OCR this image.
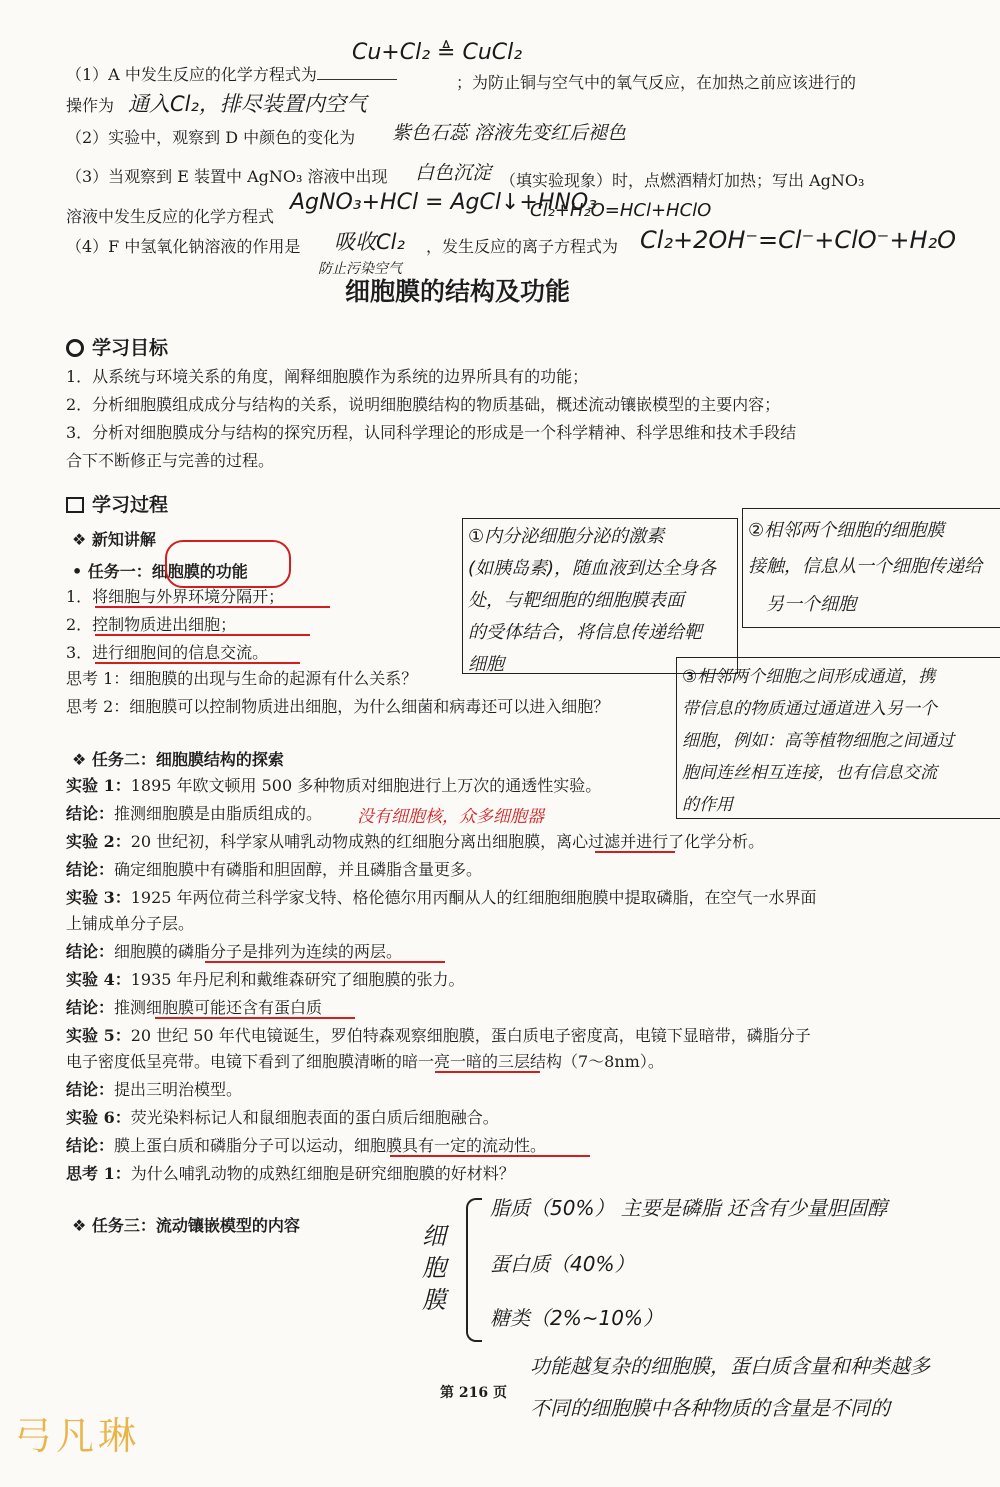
（1）A 中发生反应的化学方程式为	；为防止铜与空气中的氧气反应，在加热之前应该进行的
操作为
Cu+Cl₂ ≜ CuCl₂
通入Cl₂，排尽装置内空气
（2）实验中，观察到 D 中颜色的变化为 紫色石蕊 溶液先变红后褪色
（3）当观察到 E 装置中 AgNO₃ 溶液中出现 白色沉淀 （填实验现象）时，点燃酒精灯加热；写出 AgNO₃
溶液中发生反应的化学方程式
AgNO₃+HCl = AgCl↓+HNO₃
Cl₂+H₂O=HCl+HClO
（4）F 中氢氧化钠溶液的作用是 吸收Cl₂
防止污染空气
，发生反应的离子方程式为 Cl₂+2OH⁻=Cl⁻+ClO⁻+H₂O
细胞膜的结构及功能
学习目标
1．从系统与环境关系的角度，阐释细胞膜作为系统的边界所具有的功能；
2．分析细胞膜组成成分与结构的关系，说明细胞膜结构的物质基础，概述流动镶嵌模型的主要内容；
3．分析对细胞膜成分与结构的探究历程，认同科学理论的形成是一个科学精神、科学思维和技术手段结
合下不断修正与完善的过程。
学习过程
❖ 新知讲解
• 任务一：细胞膜的功能
1．将细胞与外界环境分隔开；
2．控制物质进出细胞；
3．进行细胞间的信息交流。
思考 1：细胞膜的出现与生命的起源有什么关系？
思考 2：细胞膜可以控制物质进出细胞，为什么细菌和病毒还可以进入细胞？
①内分泌细胞分泌的激素
(如胰岛素)，随血液到达全身各
处，与靶细胞的细胞膜表面
的受体结合，将信息传递给靶
细胞
②相邻两个细胞的细胞膜
接触，信息从一个细胞传递给
另一个细胞
③相邻两个细胞之间形成通道，携
带信息的物质通过通道进入另一个
细胞，例如：高等植物细胞之间通过
胞间连丝相互连接，也有信息交流
的作用
❖ 任务二：细胞膜结构的探索
实验 1：1895 年欧文顿用 500 多种物质对细胞进行上万次的通透性实验。
结论：推测细胞膜是由脂质组成的。 没有细胞核，众多细胞器
实验 2：20 世纪初，科学家从哺乳动物成熟的红细胞分离出细胞膜，离心过滤并进行了化学分析。
结论：确定细胞膜中有磷脂和胆固醇，并且磷脂含量更多。
实验 3：1925 年两位荷兰科学家戈特、格伦德尔用丙酮从人的红细胞细胞膜中提取磷脂，在空气一水界面
上铺成单分子层。
结论：细胞膜的磷脂分子是排列为连续的两层。
实验 4：1935 年丹尼利和戴维森研究了细胞膜的张力。
结论：推测细胞膜可能还含有蛋白质
实验 5：20 世纪 50 年代电镜诞生，罗伯特森观察细胞膜，蛋白质电子密度高，电镜下显暗带，磷脂分子
电子密度低呈亮带。电镜下看到了细胞膜清晰的暗一亮一暗的三层结构（7～8nm）。
结论：提出三明治模型。
实验 6：荧光染料标记人和鼠细胞表面的蛋白质后细胞融合。
结论：膜上蛋白质和磷脂分子可以运动，细胞膜具有一定的流动性。
思考 1：为什么哺乳动物的成熟红细胞是研究细胞膜的好材料？
❖ 任务三：流动镶嵌模型的内容	细胞膜
脂质（50%） 主要是磷脂 还含有少量胆固醇
蛋白质（40%）
糖类（2%~10%）
功能越复杂的细胞膜，蛋白质含量和种类越多
不同的细胞膜中各种物质的含量是不同的
第 216 页
弓凡琳
